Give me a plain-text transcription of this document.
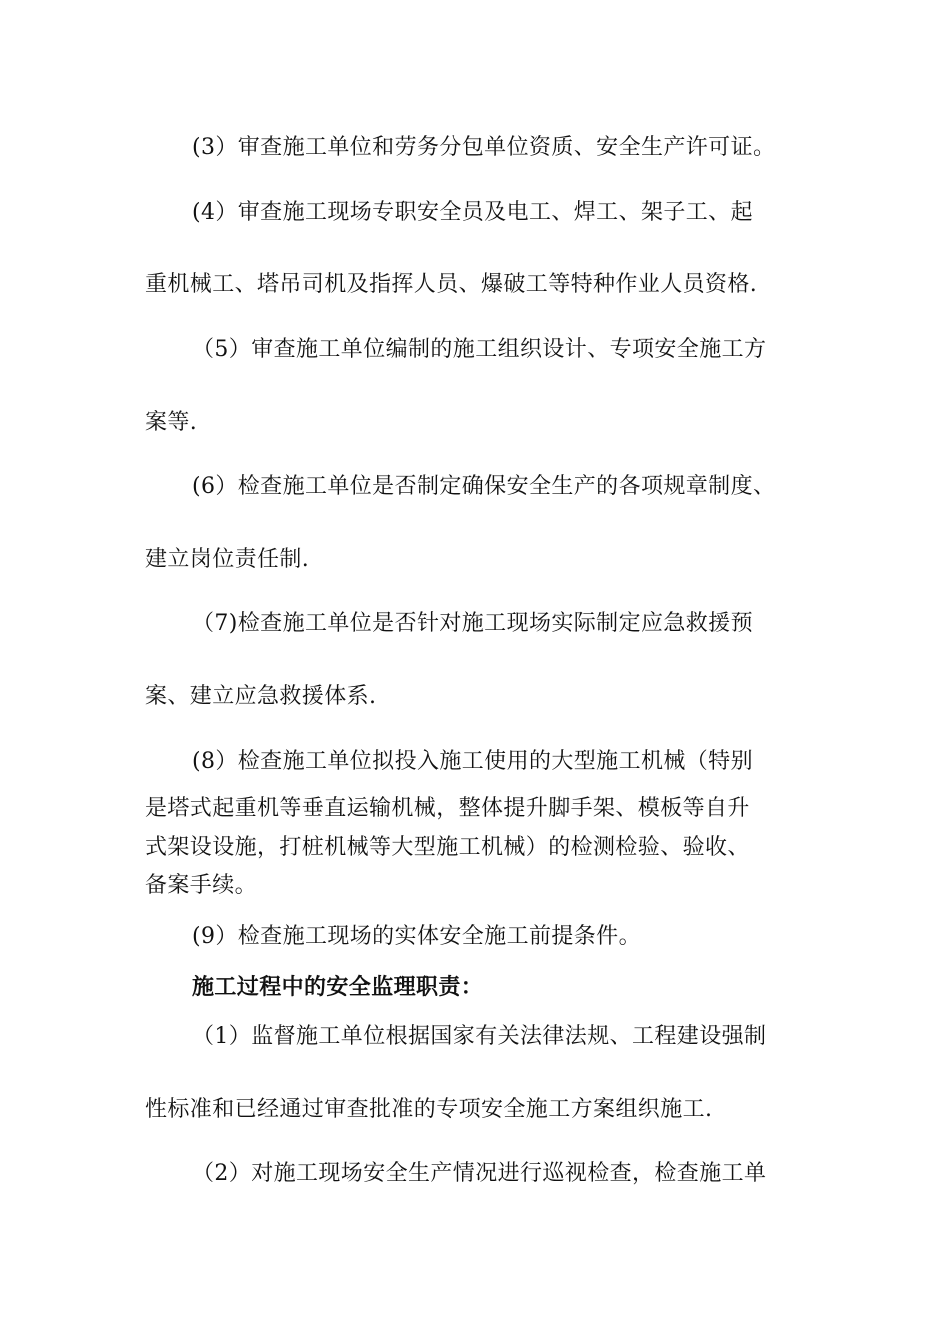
(3）审查施工单位和劳务分包单位资质、安全生产许可证。
(4）审查施工现场专职安全员及电工、焊工、架子工、起
重机械工、塔吊司机及指挥人员、爆破工等特种作业人员资格.
（5）审查施工单位编制的施工组织设计、专项安全施工方
案等.
(6）检查施工单位是否制定确保安全生产的各项规章制度、
建立岗位责任制.
（7)检查施工单位是否针对施工现场实际制定应急救援预
案、建立应急救援体系.
(8）检查施工单位拟投入施工使用的大型施工机械（特别
是塔式起重机等垂直运输机械，整体提升脚手架、模板等自升
式架设设施，打桩机械等大型施工机械）的检测检验、验收、
备案手续。
(9）检查施工现场的实体安全施工前提条件。
施工过程中的安全监理职责：
（1）监督施工单位根据国家有关法律法规、工程建设强制
性标准和已经通过审查批准的专项安全施工方案组织施工.
（2）对施工现场安全生产情况进行巡视检查，检查施工单
